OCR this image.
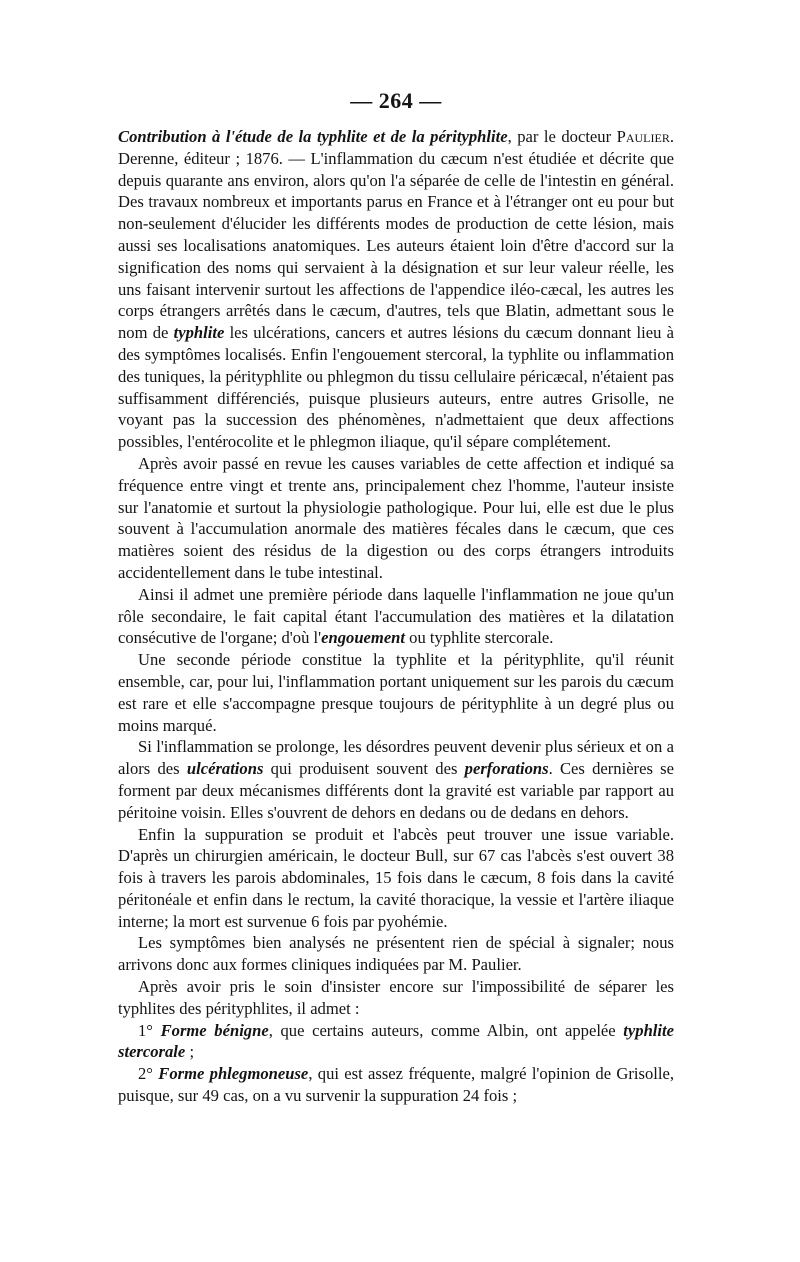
— 264 —

Contribution à l'étude de la typhlite et de la pérityphlite, par le docteur Paulier. Derenne, éditeur ; 1876. — L'inflammation du cæcum n'est étudiée et décrite que depuis quarante ans environ, alors qu'on l'a séparée de celle de l'intestin en général. Des travaux nombreux et importants parus en France et à l'étranger ont eu pour but non-seulement d'élucider les différents modes de production de cette lésion, mais aussi ses localisations anatomiques. Les auteurs étaient loin d'être d'accord sur la signification des noms qui servaient à la désignation et sur leur valeur réelle, les uns faisant intervenir surtout les affections de l'appendice iléo-cæcal, les autres les corps étrangers arrêtés dans le cæcum, d'autres, tels que Blatin, admettant sous le nom de typhlite les ulcérations, cancers et autres lésions du cæcum donnant lieu à des symptômes localisés. Enfin l'engouement stercoral, la typhlite ou inflammation des tuniques, la pérityphlite ou phlegmon du tissu cellulaire péricæcal, n'étaient pas suffisamment différenciés, puisque plusieurs auteurs, entre autres Grisolle, ne voyant pas la succession des phénomènes, n'admettaient que deux affections possibles, l'entérocolite et le phlegmon iliaque, qu'il sépare complétement.

Après avoir passé en revue les causes variables de cette affection et indiqué sa fréquence entre vingt et trente ans, principalement chez l'homme, l'auteur insiste sur l'anatomie et surtout la physiologie pathologique. Pour lui, elle est due le plus souvent à l'accumulation anormale des matières fécales dans le cæcum, que ces matières soient des résidus de la digestion ou des corps étrangers introduits accidentellement dans le tube intestinal.

Ainsi il admet une première période dans laquelle l'inflammation ne joue qu'un rôle secondaire, le fait capital étant l'accumulation des matières et la dilatation consécutive de l'organe; d'où l'engouement ou typhlite stercorale.

Une seconde période constitue la typhlite et la pérityphlite, qu'il réunit ensemble, car, pour lui, l'inflammation portant uniquement sur les parois du cæcum est rare et elle s'accompagne presque toujours de pérityphlite à un degré plus ou moins marqué.

Si l'inflammation se prolonge, les désordres peuvent devenir plus sérieux et on a alors des ulcérations qui produisent souvent des perforations. Ces dernières se forment par deux mécanismes différents dont la gravité est variable par rapport au péritoine voisin. Elles s'ouvrent de dehors en dedans ou de dedans en dehors.

Enfin la suppuration se produit et l'abcès peut trouver une issue variable. D'après un chirurgien américain, le docteur Bull, sur 67 cas l'abcès s'est ouvert 38 fois à travers les parois abdominales, 15 fois dans le cæcum, 8 fois dans la cavité péritonéale et enfin dans le rectum, la cavité thoracique, la vessie et l'artère iliaque interne; la mort est survenue 6 fois par pyohémie.

Les symptômes bien analysés ne présentent rien de spécial à signaler; nous arrivons donc aux formes cliniques indiquées par M. Paulier.

Après avoir pris le soin d'insister encore sur l'impossibilité de séparer les typhlites des pérityphlites, il admet :

1° Forme bénigne, que certains auteurs, comme Albin, ont appelée typhlite stercorale ;

2° Forme phlegmoneuse, qui est assez fréquente, malgré l'opinion de Grisolle, puisque, sur 49 cas, on a vu survenir la suppuration 24 fois ;
